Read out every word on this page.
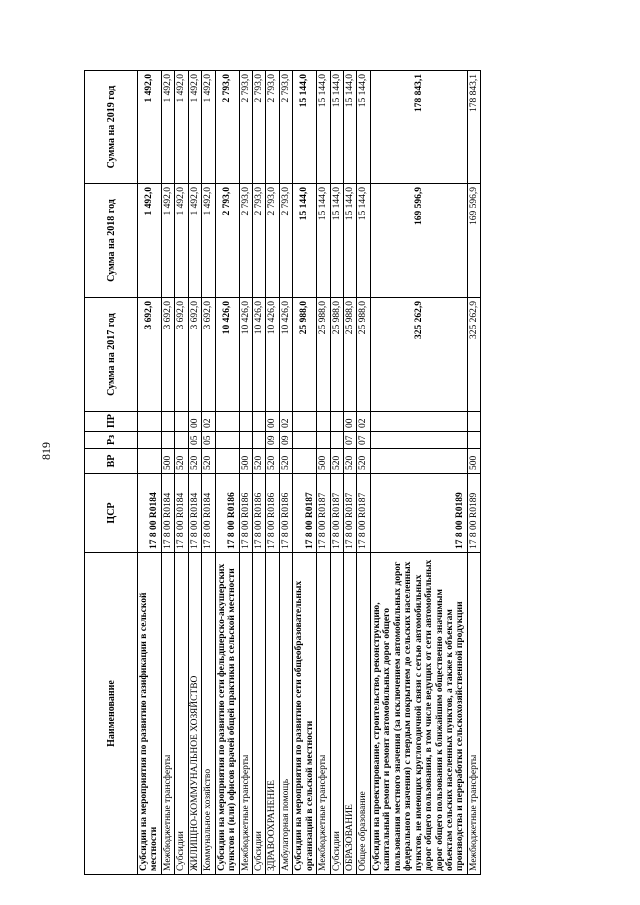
819
Наименование	ЦСР	ВР	Рз	ПР	Сумма на 2017 год	Сумма на 2018 год	Сумма на 2019 год
Субсидии на мероприятия по развитию газификации в сельской местности	17 8 00 R0184				3 692,0	1 492,0	1 492,0
Межбюджетные трансферты	17 8 00 R0184	500			3 692,0	1 492,0	1 492,0
Субсидии	17 8 00 R0184	520			3 692,0	1 492,0	1 492,0
ЖИЛИЩНО-КОММУНАЛЬНОЕ ХОЗЯЙСТВО	17 8 00 R0184	520	05	00	3 692,0	1 492,0	1 492,0
Коммунальное хозяйство	17 8 00 R0184	520	05	02	3 692,0	1 492,0	1 492,0
Субсидии на мероприятия по развитию сети фельдшерско-акушерских пунктов и (или) офисов врачей общей практики в сельской местности	17 8 00 R0186				10 426,0	2 793,0	2 793,0
Межбюджетные трансферты	17 8 00 R0186	500			10 426,0	2 793,0	2 793,0
Субсидии	17 8 00 R0186	520			10 426,0	2 793,0	2 793,0
ЗДРАВООХРАНЕНИЕ	17 8 00 R0186	520	09	00	10 426,0	2 793,0	2 793,0
Амбулаторная помощь	17 8 00 R0186	520	09	02	10 426,0	2 793,0	2 793,0
Субсидии на мероприятия по развитию сети общеобразовательных организаций в сельской местности	17 8 00 R0187				25 988,0	15 144,0	15 144,0
Межбюджетные трансферты	17 8 00 R0187	500			25 988,0	15 144,0	15 144,0
Субсидии	17 8 00 R0187	520			25 988,0	15 144,0	15 144,0
ОБРАЗОВАНИЕ	17 8 00 R0187	520	07	00	25 988,0	15 144,0	15 144,0
Общее образование	17 8 00 R0187	520	07	02	25 988,0	15 144,0	15 144,0
Субсидии на проектирование, строительство, реконструкцию, капитальный ремонт и ремонт автомобильных дорог общего пользования местного значения (за исключением автомобильных дорог федерального значения) с твердым покрытием до сельских населенных пунктов, не имеющих круглогодичной связи с сетью автомобильных дорог общего пользования, в том числе ведущих от сети автомобильных дорог общего пользования к ближайшим общественно значимым объектам сельских населенных пунктов, а также к объектам производства и переработки сельскохозяйственной продукции	17 8 00 R0189				325 262,9	169 596,9	178 843,1
Межбюджетные трансферты	17 8 00 R0189	500			325 262,9	169 596,9	178 843,1
